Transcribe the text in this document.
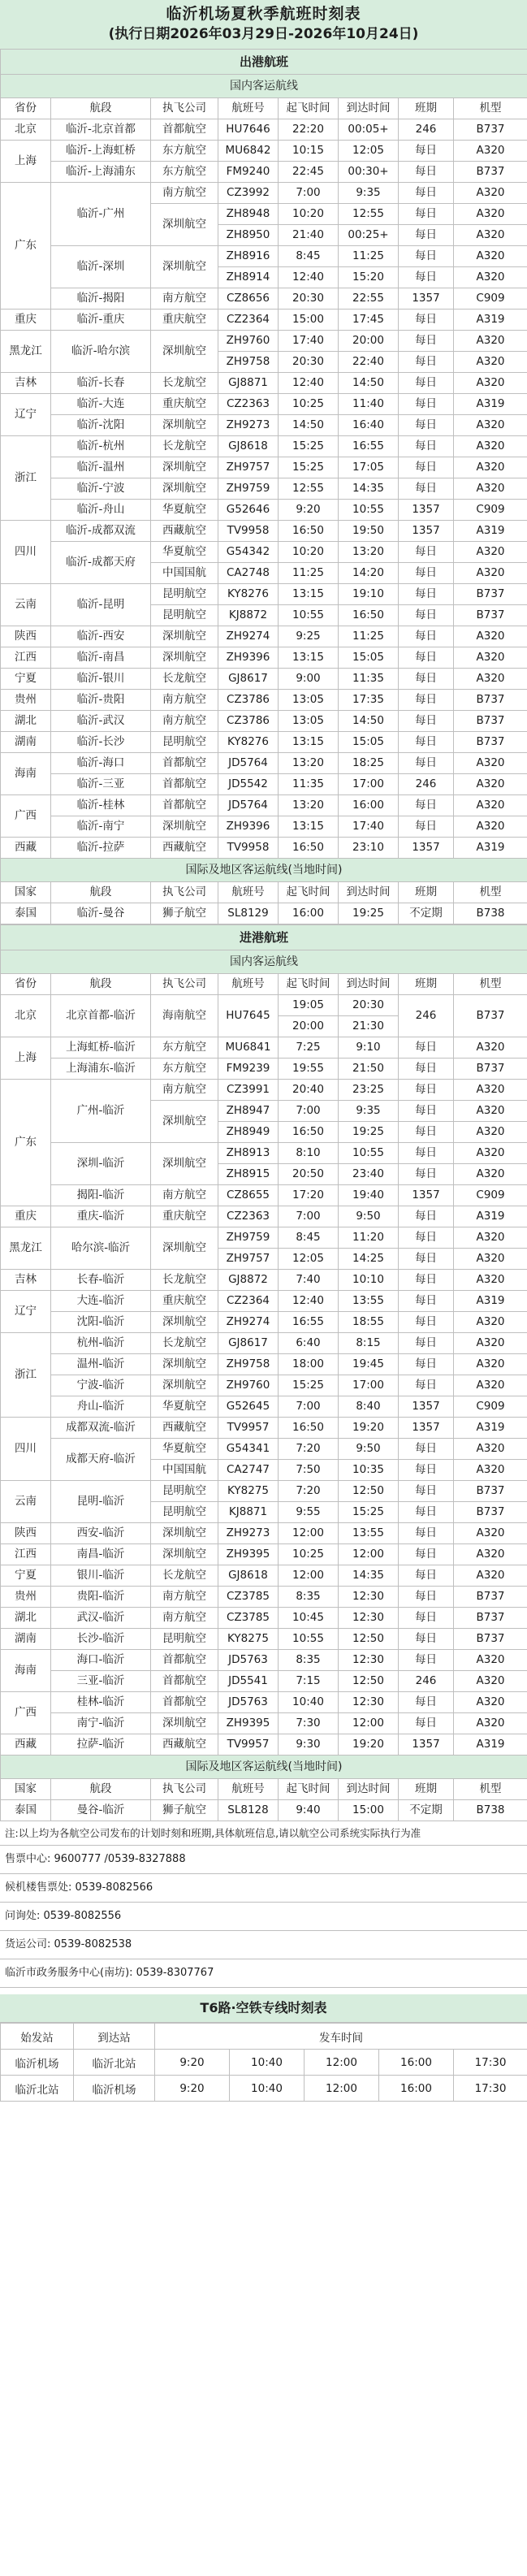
临沂机场夏秋季航班时刻表
(执行日期2026年03月29日-2026年10月24日)
出港航班							
国内客运航线							
省份	航段	执飞公司	航班号	起飞时间	到达时间	班期	机型
北京	临沂-北京首都	首都航空	HU7646	22:20	00:05+	246	B737
上海	临沂-上海虹桥	东方航空	MU6842	10:15	12:05	每日	A320
	临沂-上海浦东	东方航空	FM9240	22:45	00:30+	每日	B737
广东	临沂-广州	南方航空	CZ3992	7:00	9:35	每日	A320
		深圳航空	ZH8948	10:20	12:55	每日	A320
			ZH8950	21:40	00:25+	每日	A320
	临沂-深圳	深圳航空	ZH8916	8:45	11:25	每日	A320
			ZH8914	12:40	15:20	每日	A320
	临沂-揭阳	南方航空	CZ8656	20:30	22:55	1357	C909
重庆	临沂-重庆	重庆航空	CZ2364	15:00	17:45	每日	A319
黑龙江	临沂-哈尔滨	深圳航空	ZH9760	17:40	20:00	每日	A320
			ZH9758	20:30	22:40	每日	A320
吉林	临沂-长春	长龙航空	GJ8871	12:40	14:50	每日	A320
辽宁	临沂-大连	重庆航空	CZ2363	10:25	11:40	每日	A319
	临沂-沈阳	深圳航空	ZH9273	14:50	16:40	每日	A320
浙江	临沂-杭州	长龙航空	GJ8618	15:25	16:55	每日	A320
	临沂-温州	深圳航空	ZH9757	15:25	17:05	每日	A320
	临沂-宁波	深圳航空	ZH9759	12:55	14:35	每日	A320
	临沂-舟山	华夏航空	G52646	9:20	10:55	1357	C909
四川	临沂-成都双流	西藏航空	TV9958	16:50	19:50	1357	A319
	临沂-成都天府	华夏航空	G54342	10:20	13:20	每日	A320
		中国国航	CA2748	11:25	14:20	每日	A320
云南	临沂-昆明	昆明航空	KY8276	13:15	19:10	每日	B737
		昆明航空	KJ8872	10:55	16:50	每日	B737
陕西	临沂-西安	深圳航空	ZH9274	9:25	11:25	每日	A320
江西	临沂-南昌	深圳航空	ZH9396	13:15	15:05	每日	A320
宁夏	临沂-银川	长龙航空	GJ8617	9:00	11:35	每日	A320
贵州	临沂-贵阳	南方航空	CZ3786	13:05	17:35	每日	B737
湖北	临沂-武汉	南方航空	CZ3786	13:05	14:50	每日	B737
湖南	临沂-长沙	昆明航空	KY8276	13:15	15:05	每日	B737
海南	临沂-海口	首都航空	JD5764	13:20	18:25	每日	A320
	临沂-三亚	首都航空	JD5542	11:35	17:00	246	A320
广西	临沂-桂林	首都航空	JD5764	13:20	16:00	每日	A320
	临沂-南宁	深圳航空	ZH9396	13:15	17:40	每日	A320
西藏	临沂-拉萨	西藏航空	TV9958	16:50	23:10	1357	A319
国际及地区客运航线(当地时间)							
国家	航段	执飞公司	航班号	起飞时间	到达时间	班期	机型
泰国	临沂-曼谷	狮子航空	SL8129	16:00	19:25	不定期	B738
进港航班							
国内客运航线							
省份	航段	执飞公司	航班号	起飞时间	到达时间	班期	机型
北京	北京首都-临沂	海南航空	HU7645	19:05	20:30	246	B737
				20:00	21:30		
上海	上海虹桥-临沂	东方航空	MU6841	7:25	9:10	每日	A320
	上海浦东-临沂	东方航空	FM9239	19:55	21:50	每日	B737
广东	广州-临沂	南方航空	CZ3991	20:40	23:25	每日	A320
		深圳航空	ZH8947	7:00	9:35	每日	A320
			ZH8949	16:50	19:25	每日	A320
	深圳-临沂	深圳航空	ZH8913	8:10	10:55	每日	A320
			ZH8915	20:50	23:40	每日	A320
	揭阳-临沂	南方航空	CZ8655	17:20	19:40	1357	C909
重庆	重庆-临沂	重庆航空	CZ2363	7:00	9:50	每日	A319
黑龙江	哈尔滨-临沂	深圳航空	ZH9759	8:45	11:20	每日	A320
			ZH9757	12:05	14:25	每日	A320
吉林	长春-临沂	长龙航空	GJ8872	7:40	10:10	每日	A320
辽宁	大连-临沂	重庆航空	CZ2364	12:40	13:55	每日	A319
	沈阳-临沂	深圳航空	ZH9274	16:55	18:55	每日	A320
浙江	杭州-临沂	长龙航空	GJ8617	6:40	8:15	每日	A320
	温州-临沂	深圳航空	ZH9758	18:00	19:45	每日	A320
	宁波-临沂	深圳航空	ZH9760	15:25	17:00	每日	A320
	舟山-临沂	华夏航空	G52645	7:00	8:40	1357	C909
四川	成都双流-临沂	西藏航空	TV9957	16:50	19:20	1357	A319
	成都天府-临沂	华夏航空	G54341	7:20	9:50	每日	A320
		中国国航	CA2747	7:50	10:35	每日	A320
云南	昆明-临沂	昆明航空	KY8275	7:20	12:50	每日	B737
		昆明航空	KJ8871	9:55	15:25	每日	B737
陕西	西安-临沂	深圳航空	ZH9273	12:00	13:55	每日	A320
江西	南昌-临沂	深圳航空	ZH9395	10:25	12:00	每日	A320
宁夏	银川-临沂	长龙航空	GJ8618	12:00	14:35	每日	A320
贵州	贵阳-临沂	南方航空	CZ3785	8:35	12:30	每日	B737
湖北	武汉-临沂	南方航空	CZ3785	10:45	12:30	每日	B737
湖南	长沙-临沂	昆明航空	KY8275	10:55	12:50	每日	B737
海南	海口-临沂	首都航空	JD5763	8:35	12:30	每日	A320
	三亚-临沂	首都航空	JD5541	7:15	12:50	246	A320
广西	桂林-临沂	首都航空	JD5763	10:40	12:30	每日	A320
	南宁-临沂	深圳航空	ZH9395	7:30	12:00	每日	A320
西藏	拉萨-临沂	西藏航空	TV9957	9:30	19:20	1357	A319
国际及地区客运航线(当地时间)							
国家	航段	执飞公司	航班号	起飞时间	到达时间	班期	机型
泰国	曼谷-临沂	狮子航空	SL8128	9:40	15:00	不定期	B738
注:以上均为各航空公司发布的计划时刻和班期,具体航班信息,请以航空公司系统实际执行为准
售票中心: 9600777 /0539-8327888
候机楼售票处: 0539-8082566
问询处: 0539-8082556
货运公司: 0539-8082538
临沂市政务服务中心(南坊): 0539-8307767
T6路·空铁专线时刻表
始发站	到达站	发车时间				
临沂机场	临沂北站	9:20	10:40	12:00	16:00	17:30
临沂北站	临沂机场	9:20	10:40	12:00	16:00	17:30
